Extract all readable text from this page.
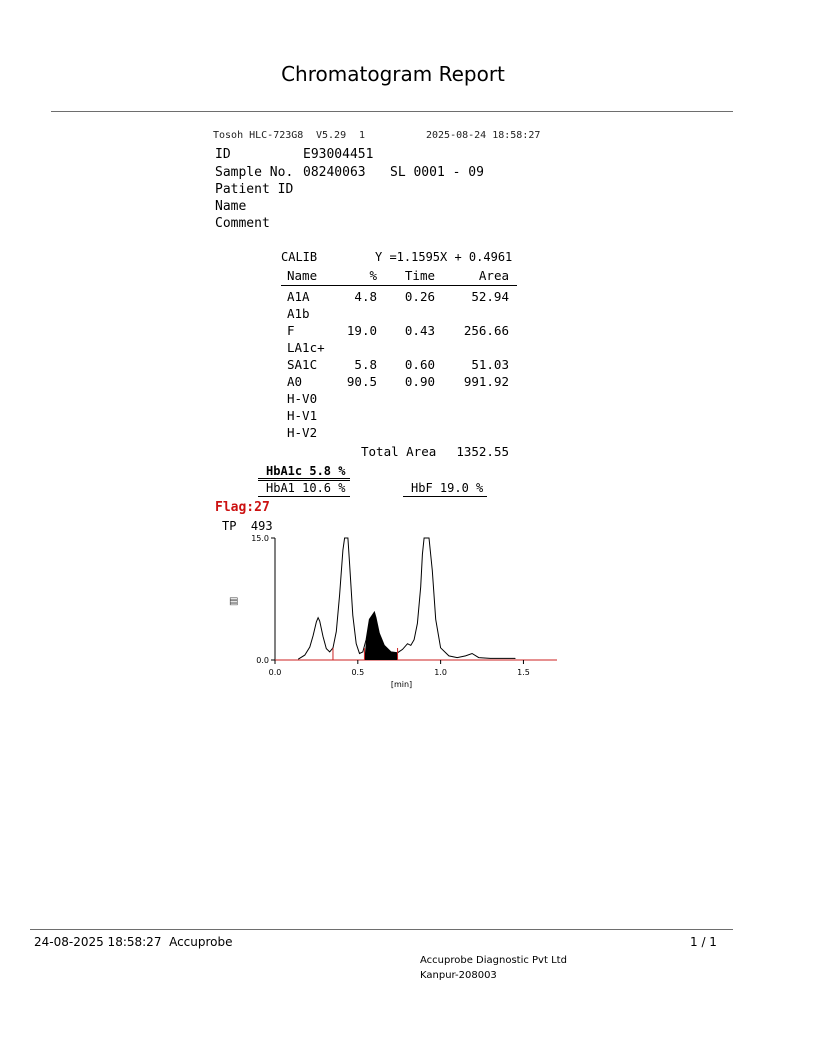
Chromatogram Report
Tosoh HLC-723G8 V5.29 1	2025-08-24 18:58:27
ID	E93004451
Sample No. 08240063 SL 0001 - 09
Patient ID
Name
Comment
CALIB	Y =1.1595X + 0.4961
Name	%	Time	Area
A1A	4.8	0.26	52.94
A1b
F	19.0	0.43	256.66
LA1c+
SA1C	5.8	0.60	51.03
A0	90.5	0.90	991.92
H-V0
H-V1
H-V2
Total Area	1352.55
HbA1c 5.8 %
HbA1 10.6 %	HbF 19.0 %
Flag:27
TP  493
0.0
15.0
0.0	0.5	1.0	1.5
[min]
▤
24-08-2025 18:58:27  Accuprobe	1 / 1
Accuprobe Diagnostic Pvt Ltd
Kanpur-208003
